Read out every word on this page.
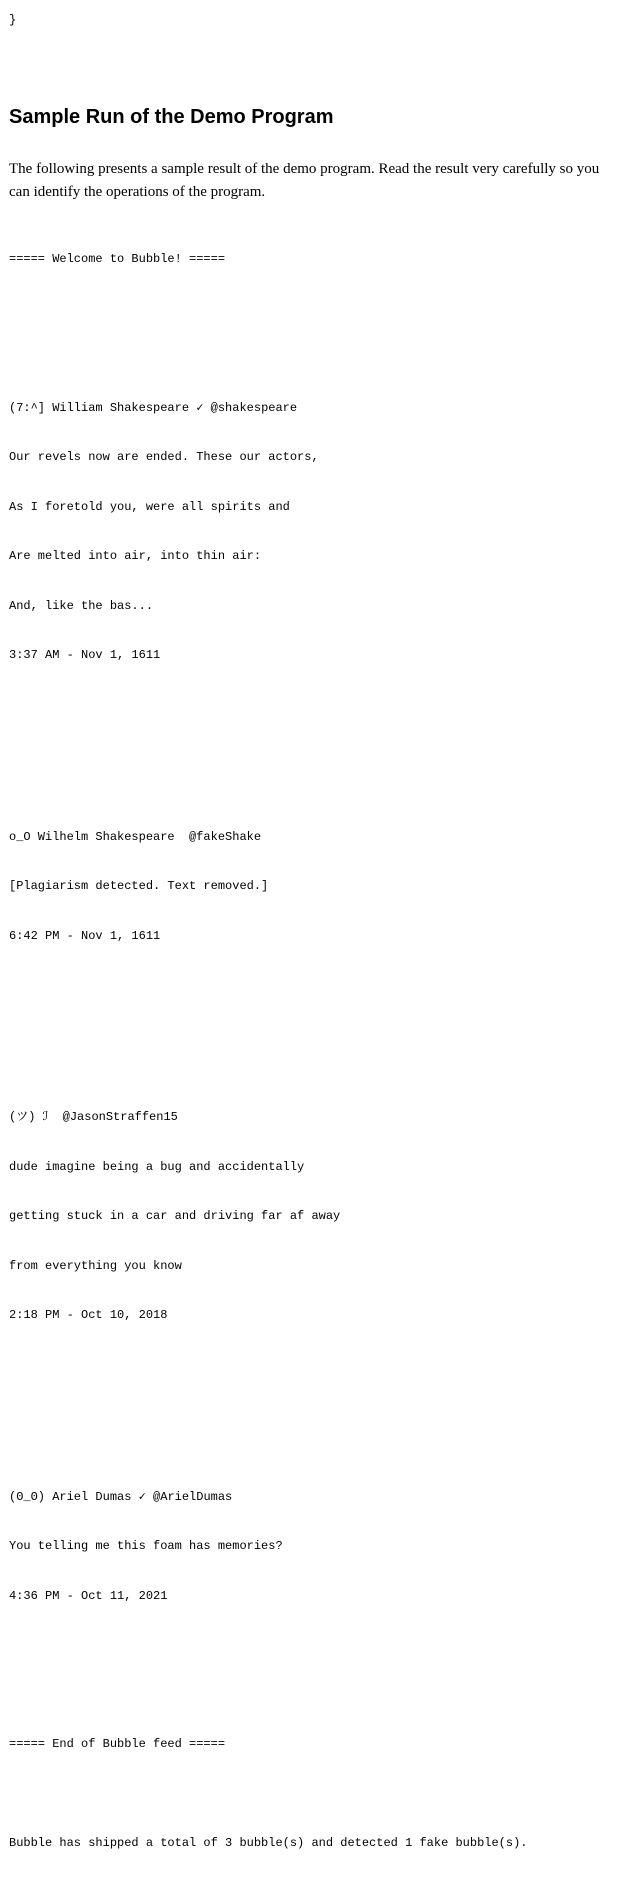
}
Sample Run of the Demo Program

The following presents a sample result of the demo program. Read the result very carefully so you can identify the operations of the program.

===== Welcome to Bubble! =====

(7:^] William Shakespeare ✓ @shakespeare

Our revels now are ended. These our actors,

As I foretold you, were all spirits and

Are melted into air, into thin air:

And, like the bas...

3:37 AM - Nov 1, 1611

o_O Wilhelm Shakespeare  @fakeShake

[Plagiarism detected. Text removed.]

6:42 PM - Nov 1, 1611

(ツ) ℐ  @JasonStraffen15

dude imagine being a bug and accidentally

getting stuck in a car and driving far af away

from everything you know

2:18 PM - Oct 10, 2018

(ʘ_ʘ) Ariel Dumas ✓ @ArielDumas

You telling me this foam has memories?

4:36 PM - Oct 11, 2021

===== End of Bubble feed =====

Bubble has shipped a total of 3 bubble(s) and detected 1 fake bubble(s).
